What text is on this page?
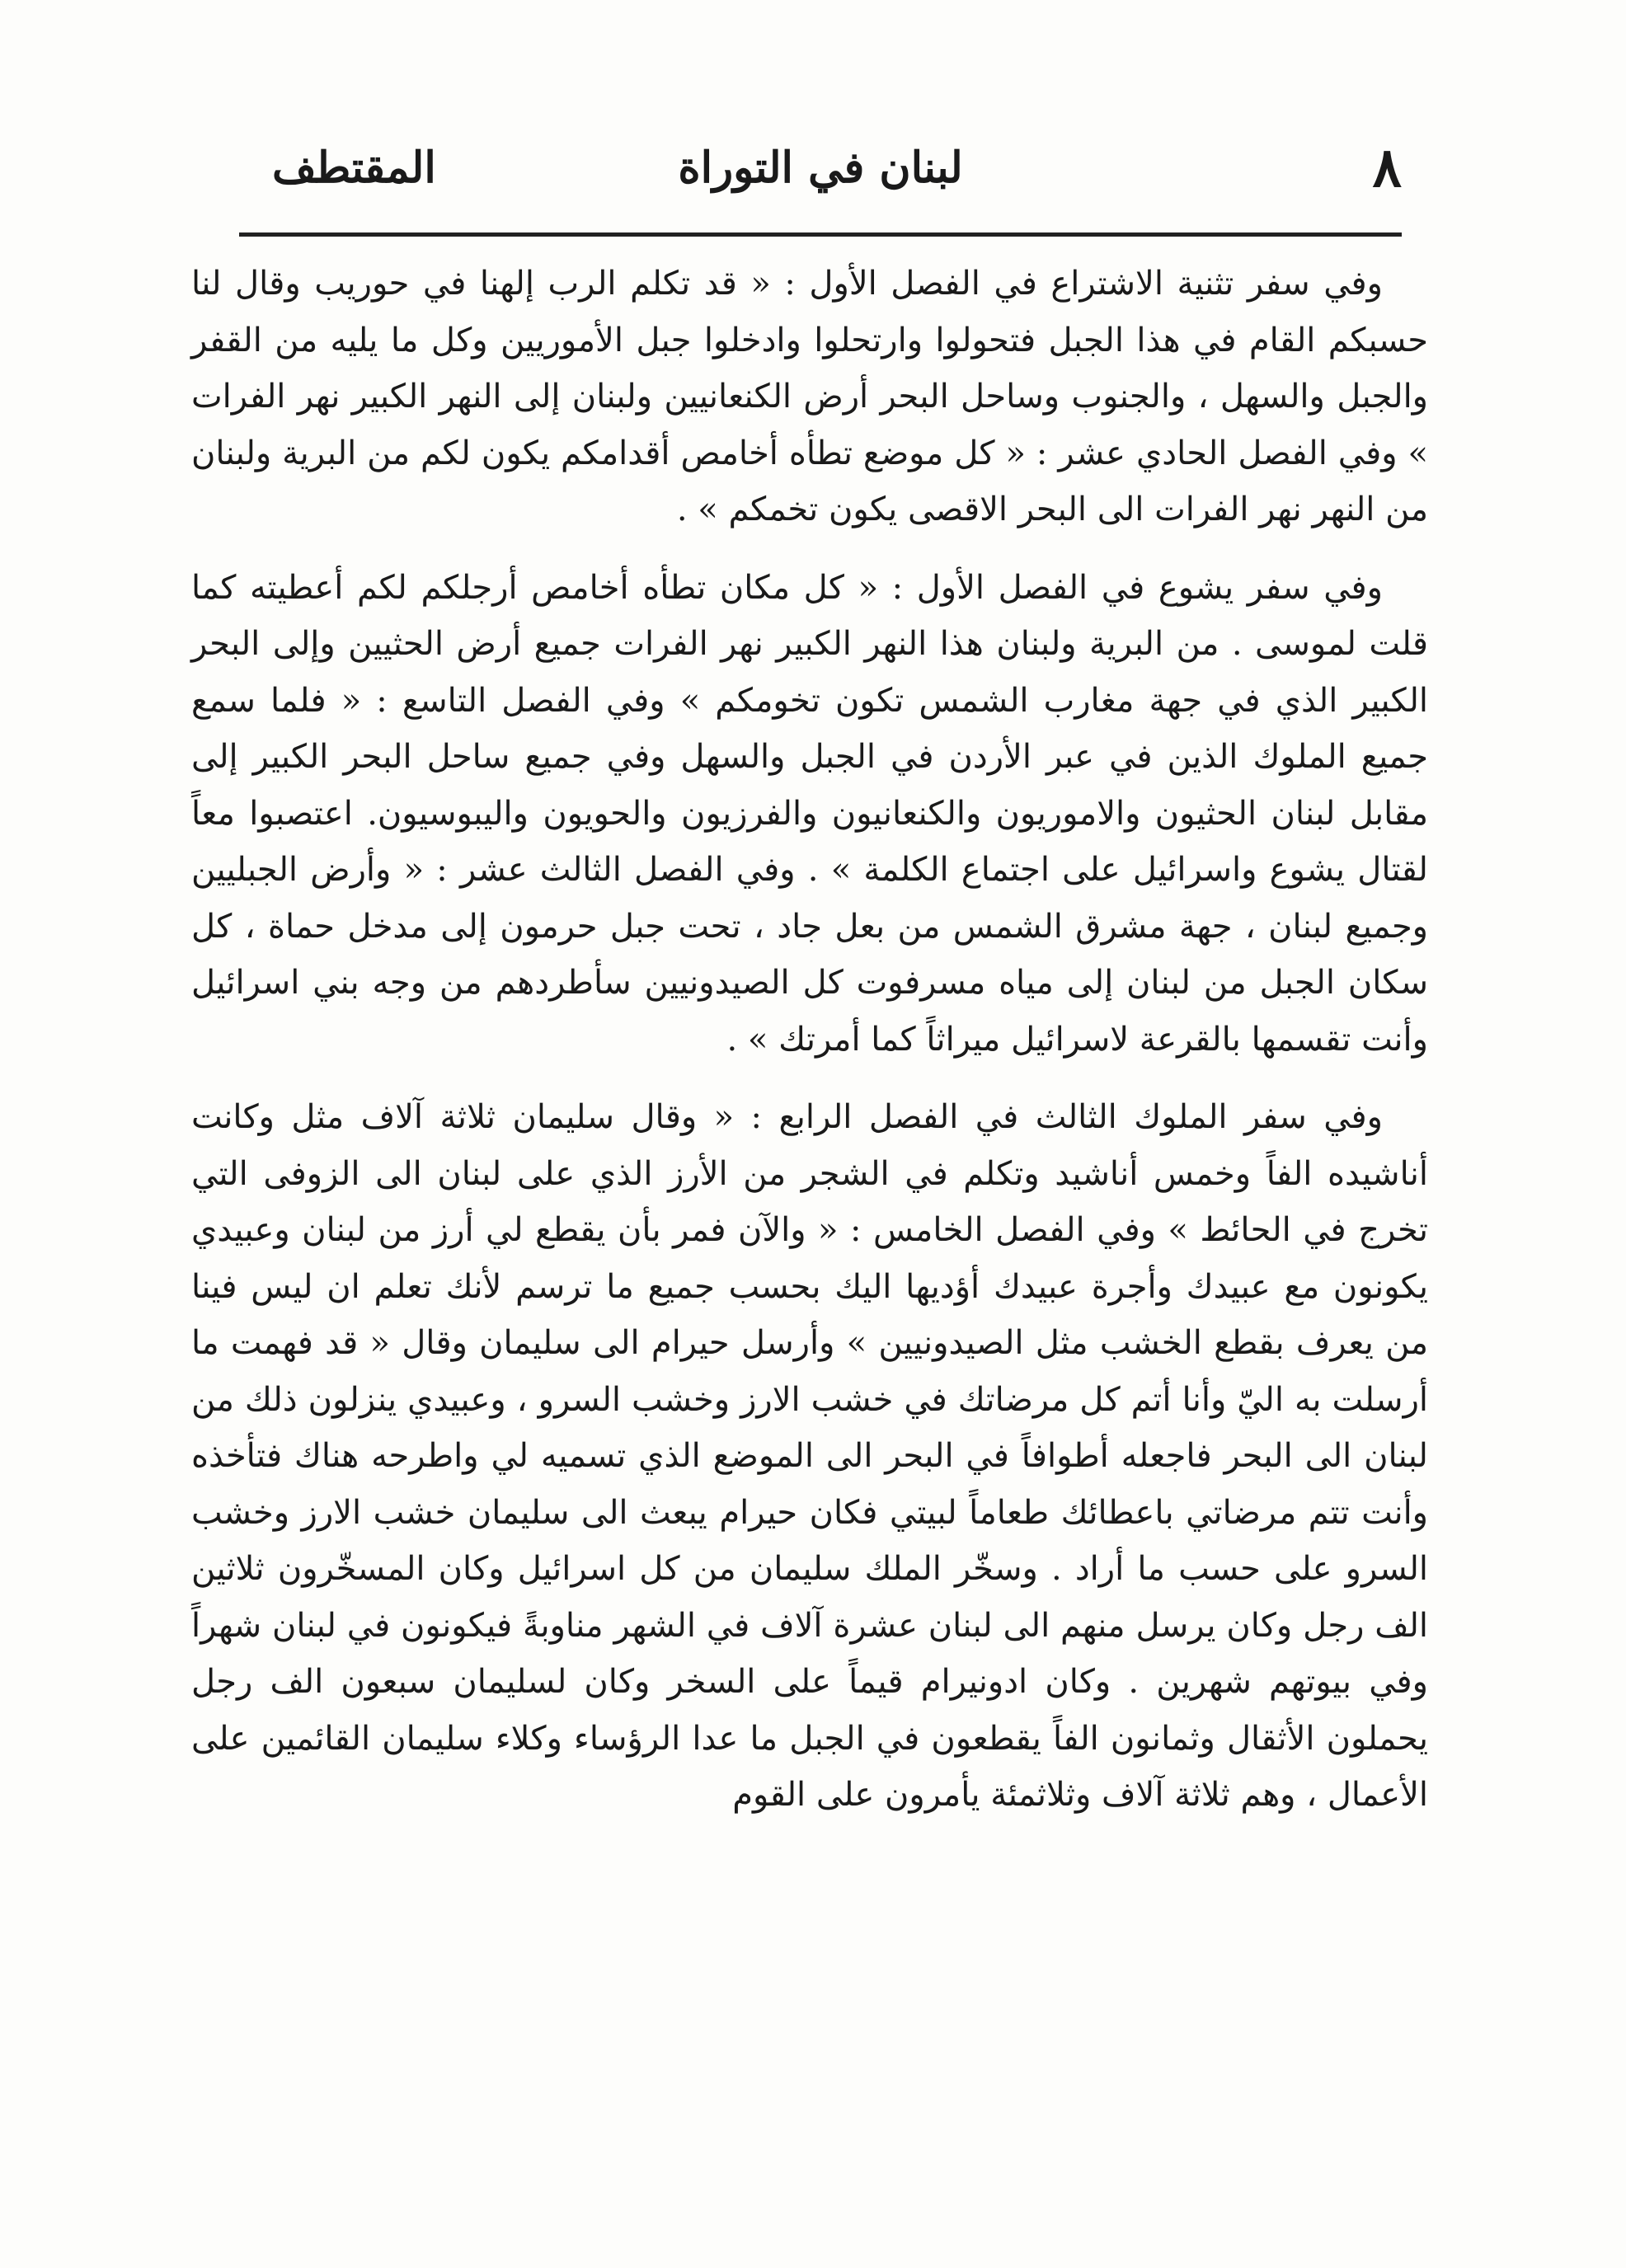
٨
لبنان في التوراة
المقتطف

وفي سفر تثنية الاشتراع في الفصل الأول : « قد تكلم الرب إلهنا في حوريب وقال لنا حسبكم القام في هذا الجبل فتحولوا وارتحلوا وادخلوا جبل الأموريين وكل ما يليه من القفر والجبل والسهل ، والجنوب وساحل البحر أرض الكنعانيين ولبنان إلى النهر الكبير نهر الفرات » وفي الفصل الحادي عشر : « كل موضع تطأه أخامص أقدامكم يكون لكم من البرية ولبنان من النهر نهر الفرات الى البحر الاقصى يكون تخمكم » .

وفي سفر يشوع في الفصل الأول : « كل مكان تطأه أخامص أرجلكم لكم أعطيته كما قلت لموسى . من البرية ولبنان هذا النهر الكبير نهر الفرات جميع أرض الحثيين وإلى البحر الكبير الذي في جهة مغارب الشمس تكون تخومكم » وفي الفصل التاسع : « فلما سمع جميع الملوك الذين في عبر الأردن في الجبل والسهل وفي جميع ساحل البحر الكبير إلى مقابل لبنان الحثيون والاموريون والكنعانيون والفرزيون والحويون واليبوسيون. اعتصبوا معاً لقتال يشوع واسرائيل على اجتماع الكلمة » . وفي الفصل الثالث عشر : « وأرض الجبليين وجميع لبنان ، جهة مشرق الشمس من بعل جاد ، تحت جبل حرمون إلى مدخل حماة ، كل سكان الجبل من لبنان إلى مياه مسرفوت كل الصيدونيين سأطردهم من وجه بني اسرائيل وأنت تقسمها بالقرعة لاسرائيل ميراثاً كما أمرتك » .

وفي سفر الملوك الثالث في الفصل الرابع : « وقال سليمان ثلاثة آلاف مثل وكانت أناشيده الفاً وخمس أناشيد وتكلم في الشجر من الأرز الذي على لبنان الى الزوفى التي تخرج في الحائط » وفي الفصل الخامس : « والآن فمر بأن يقطع لي أرز من لبنان وعبيدي يكونون مع عبيدك وأجرة عبيدك أؤديها اليك بحسب جميع ما ترسم لأنك تعلم ان ليس فينا من يعرف بقطع الخشب مثل الصيدونيين » وأرسل حيرام الى سليمان وقال « قد فهمت ما أرسلت به اليّ وأنا أتم كل مرضاتك في خشب الارز وخشب السرو ، وعبيدي ينزلون ذلك من لبنان الى البحر فاجعله أطوافاً في البحر الى الموضع الذي تسميه لي واطرحه هناك فتأخذه وأنت تتم مرضاتي باعطائك طعاماً لبيتي فكان حيرام يبعث الى سليمان خشب الارز وخشب السرو على حسب ما أراد . وسخّر الملك سليمان من كل اسرائيل وكان المسخّرون ثلاثين الف رجل وكان يرسل منهم الى لبنان عشرة آلاف في الشهر مناوبةً فيكونون في لبنان شهراً وفي بيوتهم شهرين . وكان ادونيرام قيماً على السخر وكان لسليمان سبعون الف رجل يحملون الأثقال وثمانون الفاً يقطعون في الجبل ما عدا الرؤساء وكلاء سليمان القائمين على الأعمال ، وهم ثلاثة آلاف وثلاثمئة يأمرون على القوم
